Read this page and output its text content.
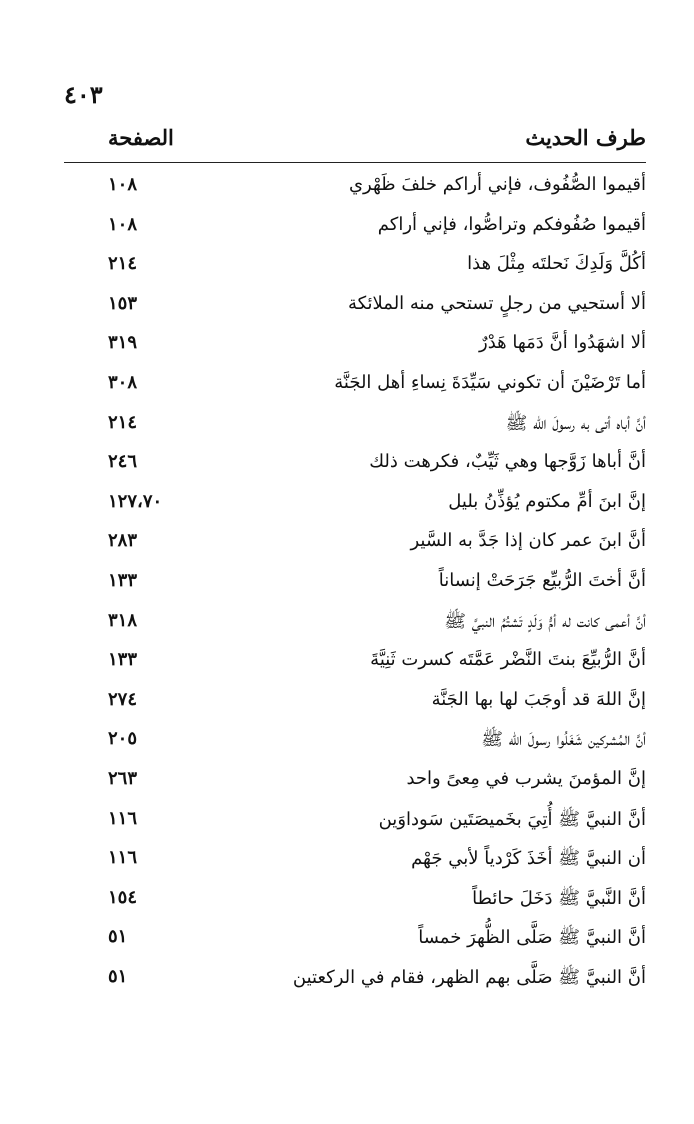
٤٠٣
طرف الحديث
الصفحة
أقيموا الصُّفُوف، فإني أراكم خلفَ ظَهْري
١٠٨
أقيموا صُفُوفكم وتراصُّوا، فإني أراكم
١٠٨
أكُلَّ وَلَدِكَ نَحلتَه مِثْلَ هذا
٢١٤
ألا أستحيي من رجلٍ تستحي منه الملائكة
١٥٣
ألا اشهَدُوا أنَّ دَمَها هَدْرٌ
٣١٩
أما تَرْضَيْنَ أن تكوني سَيِّدَةَ نِساءِ أهل الجَنَّة
٣٠٨
أنَّ أباه أتى به رسولَ الله ﷺ
٢١٤
أنَّ أباها زَوَّجها وهي ثَيِّبٌ، فكرهت ذلك
٢٤٦
إنَّ ابنَ أمِّ مكتوم يُؤذِّنُ بليل
١٢٧،٧٠
أنَّ ابنَ عمر كان إذا جَدَّ به السَّير
٢٨٣
أنَّ أختَ الرُّبيِّع جَرَحَتْ إنساناً
١٣٣
أنَّ أعمى كانت له أمُّ وَلَدٍ تَشتُمُ النبيَّ ﷺ
٣١٨
أنَّ الرُّبيِّعَ بنتَ النَّضْر عَمَّتَه كسرت ثَنِيَّةَ
١٣٣
إنَّ اللهَ قد أوجَبَ لها بها الجَنَّة
٢٧٤
أنَّ المُشركين شَغَلُوا رسولَ الله ﷺ
٢٠٥
إنَّ المؤمنَ يشرب في مِعىً واحد
٢٦٣
أنَّ النبيَّ ﷺ أُتِيَ بخَميصَتَين سَوداوَين
١١٦
أن النبيَّ ﷺ أخَذَ كَرْدياً لأبي جَهْم
١١٦
أنَّ النَّبيَّ ﷺ دَخَلَ حائطاً
١٥٤
أنَّ النبيَّ ﷺ صَلَّى الظُّهرَ خمساً
٥١
أنَّ النبيَّ ﷺ صَلَّى بهم الظهر، فقام في الركعتين
٥١
